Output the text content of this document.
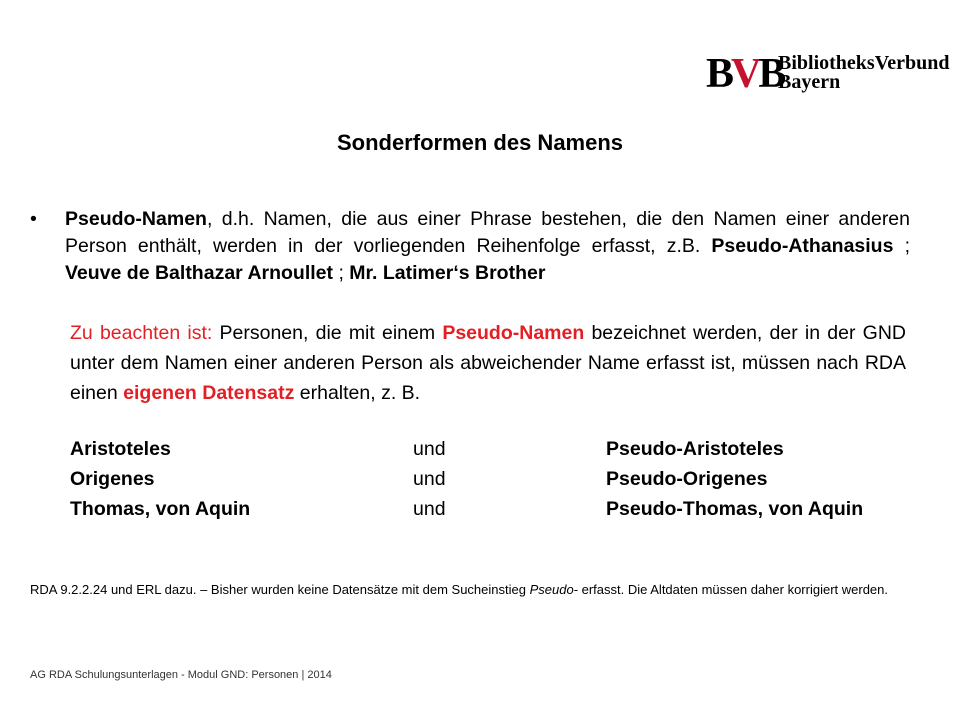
BVB
BibliotheksVerbund
Bayern
Sonderformen des Namens
• Pseudo-Namen, d.h. Namen, die aus einer Phrase bestehen, die den Namen einer anderen Person enthält, werden in der vorliegenden Reihenfolge erfasst, z.B. Pseudo-Athanasius ; Veuve de Balthazar Arnoullet ; Mr. Latimer‘s Brother
Zu beachten ist: Personen, die mit einem Pseudo-Namen bezeichnet werden, der in der GND unter dem Namen einer anderen Person als abweichender Name erfasst ist, müssen nach RDA einen eigenen Datensatz erhalten, z. B.
Aristoteles	und	Pseudo-Aristoteles
Origenes	und	Pseudo-Origenes
Thomas, von Aquin	und	Pseudo-Thomas, von Aquin
RDA 9.2.2.24 und ERL dazu. – Bisher wurden keine Datensätze mit dem Sucheinstieg Pseudo- erfasst. Die Altdaten müssen daher korrigiert werden.
AG RDA Schulungsunterlagen - Modul GND: Personen | 2014
